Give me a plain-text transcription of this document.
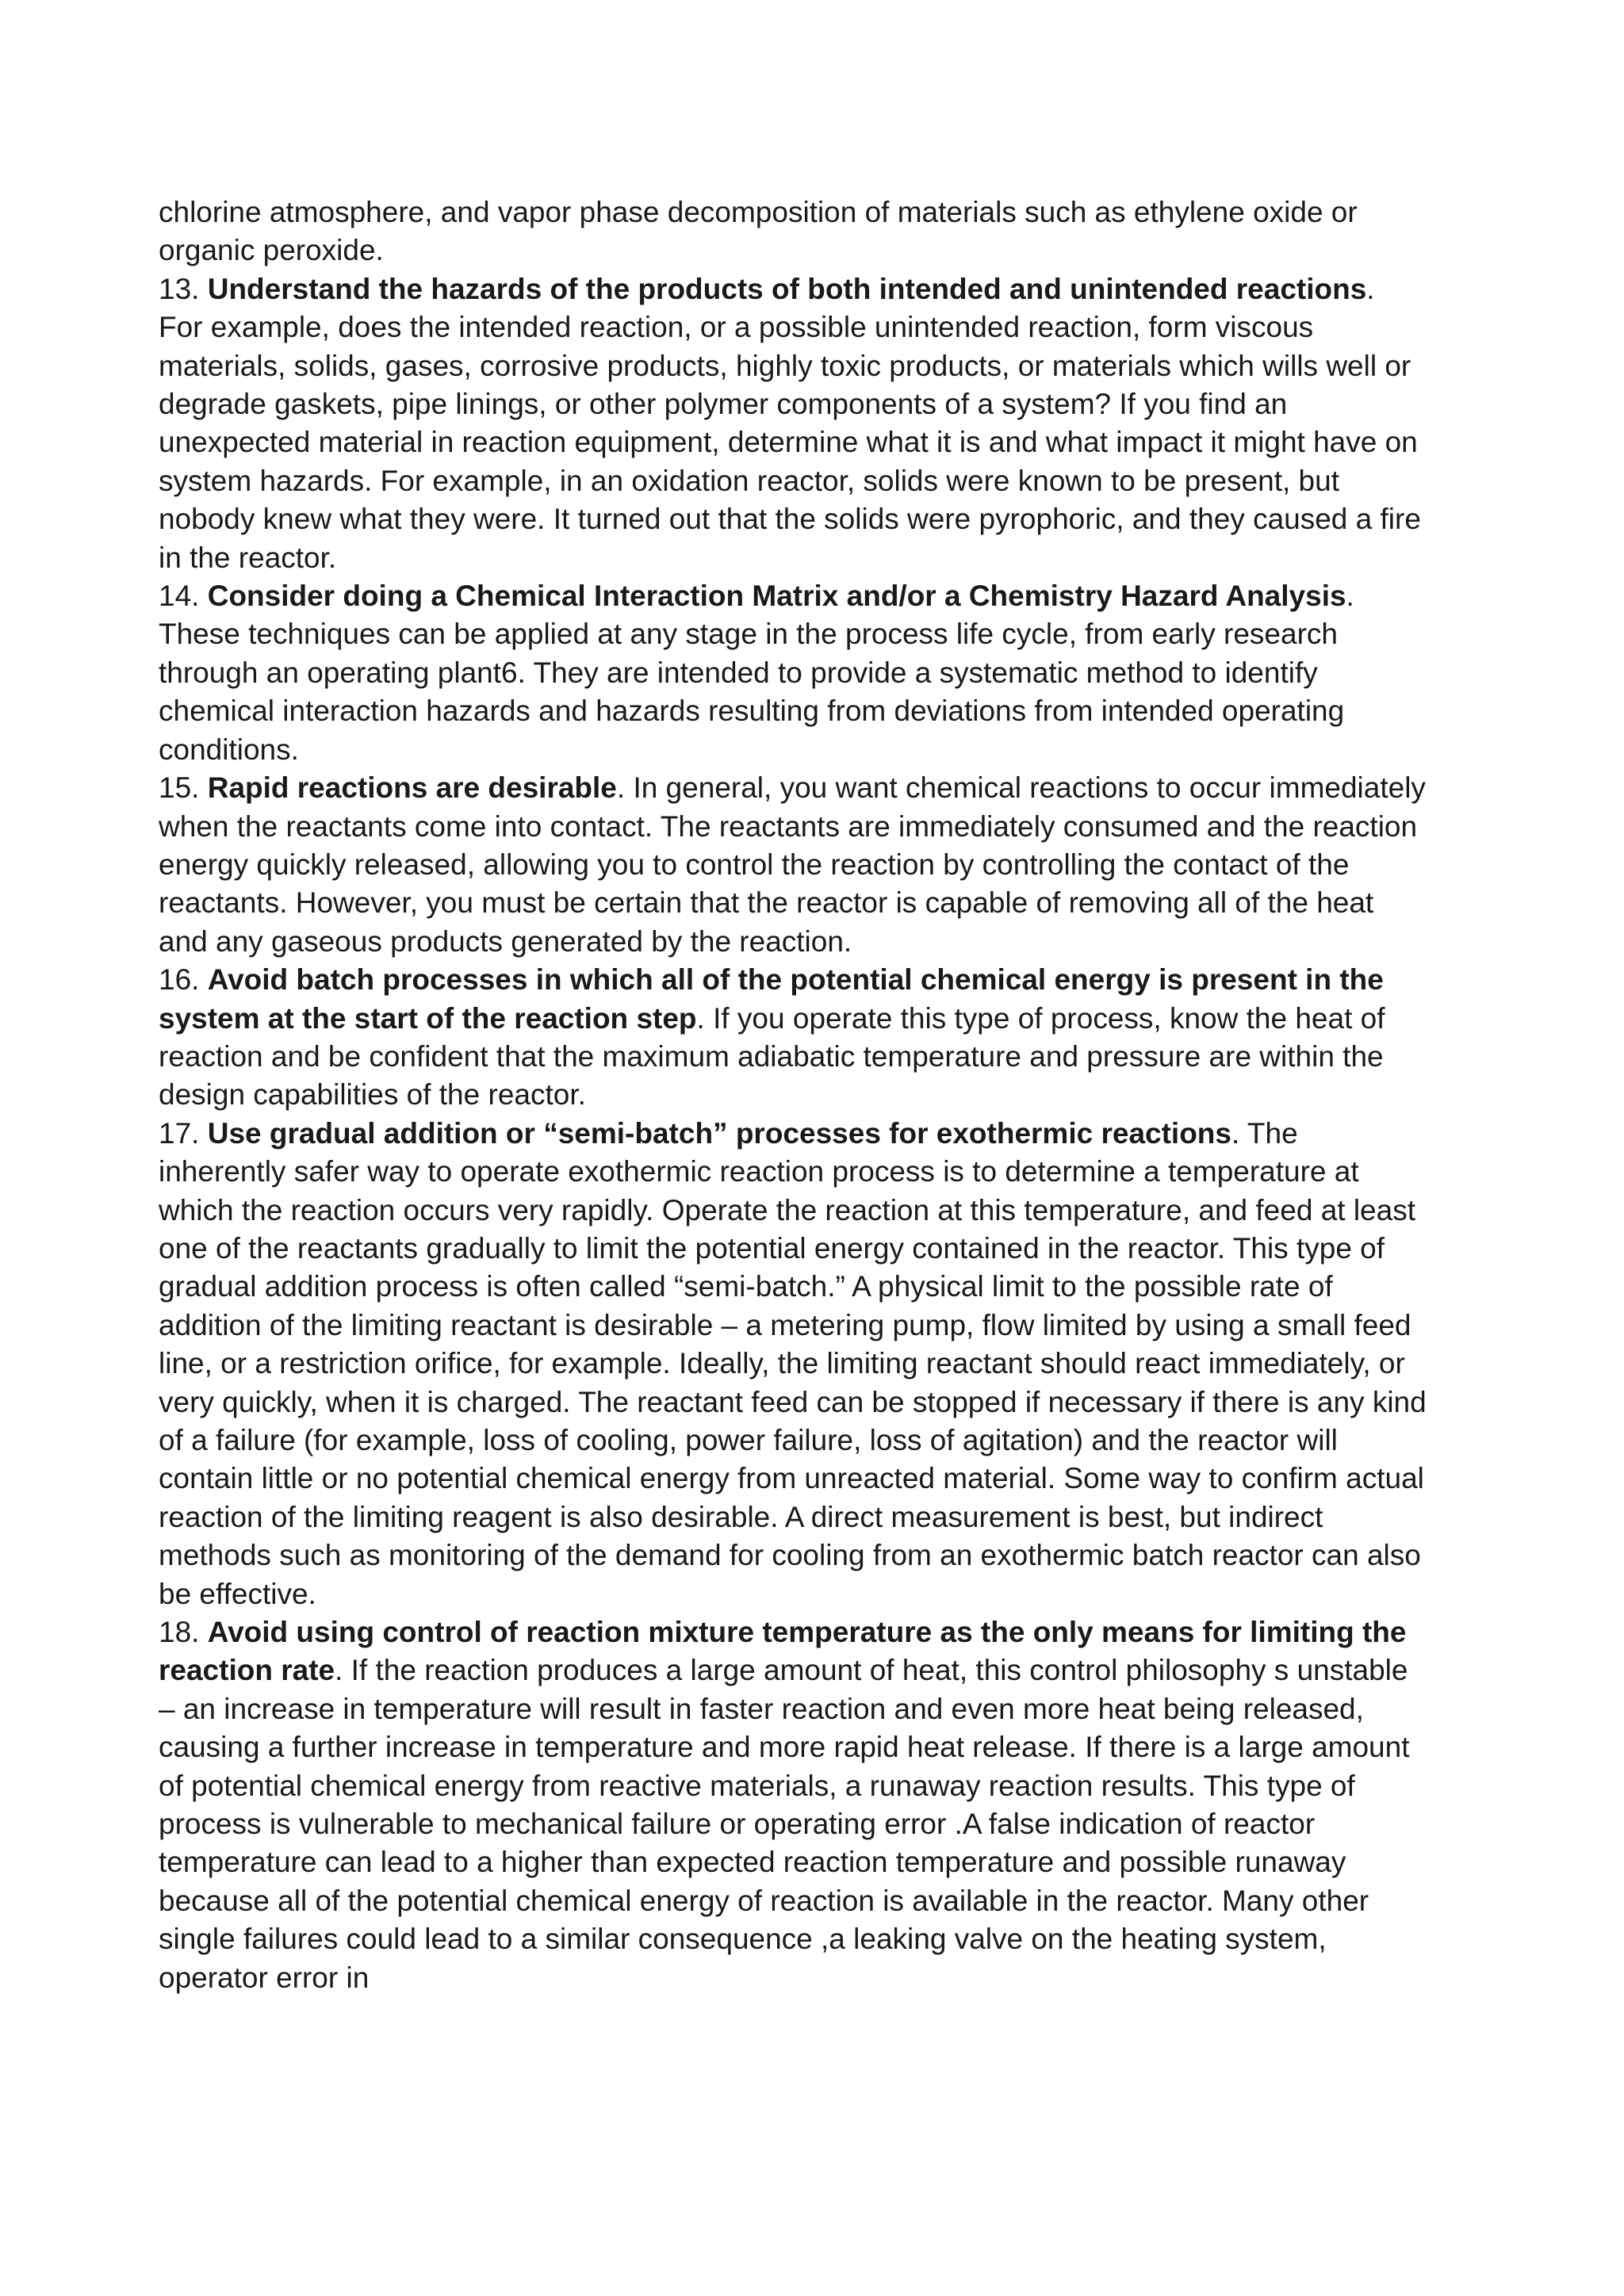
chlorine atmosphere, and vapor phase decomposition of materials such as ethylene oxide or organic peroxide.

13. Understand the hazards of the products of both intended and unintended reactions.

For example, does the intended reaction, or a possible unintended reaction, form viscous materials, solids, gases, corrosive products, highly toxic products, or materials which wills well or degrade gaskets, pipe linings, or other polymer components of a system? If you find an unexpected material in reaction equipment, determine what it is and what impact it might have on system hazards. For example, in an oxidation reactor, solids were known to be present, but nobody knew what they were. It turned out that the solids were pyrophoric, and they caused a fire in the reactor.

14. Consider doing a Chemical Interaction Matrix and/or a Chemistry Hazard Analysis.

These techniques can be applied at any stage in the process life cycle, from early research through an operating plant6. They are intended to provide a systematic method to identify chemical interaction hazards and hazards resulting from deviations from intended operating conditions.

15. Rapid reactions are desirable. In general, you want chemical reactions to occur immediately when the reactants come into contact. The reactants are immediately consumed and the reaction energy quickly released, allowing you to control the reaction by controlling the contact of the reactants. However, you must be certain that the reactor is capable of removing all of the heat and any gaseous products generated by the reaction.

16. Avoid batch processes in which all of the potential chemical energy is present in the system at the start of the reaction step. If you operate this type of process, know the heat of reaction and be confident that the maximum adiabatic temperature and pressure are within the design capabilities of the reactor.

17. Use gradual addition or “semi-batch” processes for exothermic reactions. The inherently safer way to operate exothermic reaction process is to determine a temperature at which the reaction occurs very rapidly. Operate the reaction at this temperature, and feed at least one of the reactants gradually to limit the potential energy contained in the reactor. This type of gradual addition process is often called “semi-batch.” A physical limit to the possible rate of addition of the limiting reactant is desirable – a metering pump, flow limited by using a small feed line, or a restriction orifice, for example. Ideally, the limiting reactant should react immediately, or very quickly, when it is charged. The reactant feed can be stopped if necessary if there is any kind of a failure (for example, loss of cooling, power failure, loss of agitation) and the reactor will contain little or no potential chemical energy from unreacted material. Some way to confirm actual reaction of the limiting reagent is also desirable. A direct measurement is best, but indirect methods such as monitoring of the demand for cooling from an exothermic batch reactor can also be effective.

18. Avoid using control of reaction mixture temperature as the only means for limiting the reaction rate. If the reaction produces a large amount of heat, this control philosophy s unstable – an increase in temperature will result in faster reaction and even more heat being released, causing a further increase in temperature and more rapid heat release. If there is a large amount of potential chemical energy from reactive materials, a runaway reaction results. This type of process is vulnerable to mechanical failure or operating error .A false indication of reactor temperature can lead to a higher than expected reaction temperature and possible runaway because all of the potential chemical energy of reaction is available in the reactor. Many other single failures could lead to a similar consequence ,a leaking valve on the heating system, operator error in
